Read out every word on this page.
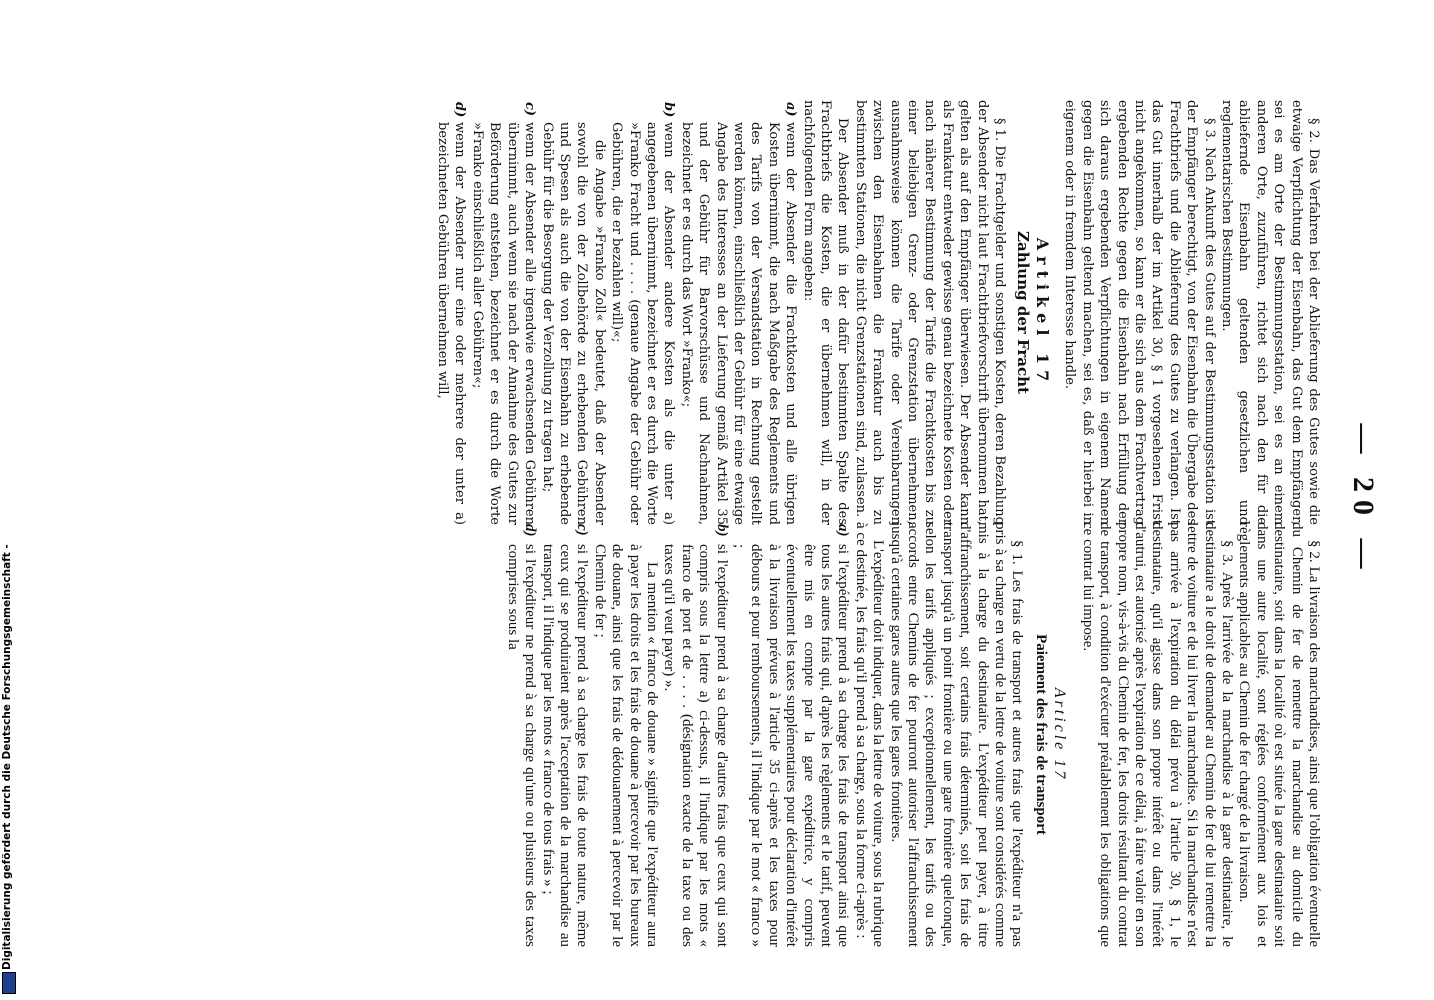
— 20 —

§ 2. Das Verfahren bei der Ablieferung des Gutes sowie die etwaige Verpflichtung der Eisenbahn, das Gut dem Empfänger, sei es am Orte der Bestimmungsstation, sei es an einem anderen Orte, zuzuführen, richtet sich nach den für die abliefernde Eisenbahn geltenden gesetzlichen und reglementarischen Bestimmungen.

§ 3. Nach Ankunft des Gutes auf der Bestimmungsstation ist der Empfänger berechtigt, von der Eisenbahn die Übergabe des Frachtbriefs und die Ablieferung des Gutes zu verlangen. Ist das Gut innerhalb der im Artikel 30, § 1 vorgesehenen Frist nicht angekommen, so kann er die sich aus dem Frachtvertrag ergebenden Rechte gegen die Eisenbahn nach Erfüllung der sich daraus ergebenden Verpflichtungen in eigenem Namen gegen die Eisenbahn geltend machen, sei es, daß er hierbei in eigenem oder in fremdem Interesse handle.

Artikel 17
Zahlung der Fracht

§ 1. Die Frachtgelder und sonstigen Kosten, deren Bezahlung der Absender nicht laut Frachtbriefvorschrift übernommen hat, gelten als auf den Empfänger überwiesen. Der Absender kann als Frankatur entweder gewisse genau bezeichnete Kosten oder nach näherer Bestimmung der Tarife die Frachtkosten bis zu einer beliebigen Grenz- oder Grenzstation übernehmen; ausnahmsweise können die Tarife oder Vereinbarungen zwischen den Eisenbahnen die Frankatur auch bis zu bestimmten Stationen, die nicht Grenzstationen sind, zulassen.

Der Absender muß in der dafür bestimmten Spalte des Frachtbriefs die Kosten, die er übernehmen will, in der nachfolgenden Form angeben:

a)wenn der Absender die Frachtkosten und alle übrigen Kosten übernimmt, die nach Maßgabe des Reglements und des Tarifs von der Versandstation in Rechnung gestellt werden können, einschließlich der Gebühr für eine etwaige Angabe des Interesses an der Lieferung gemäß Artikel 35 und der Gebühr für Barvorschüsse und Nachnahmen, bezeichnet er es durch das Wort »Franko«;

b)wenn der Absender andere Kosten als die unter a) angegebenen übernimmt, bezeichnet er es durch die Worte »Franko Fracht und . . . . (genaue Angabe der Gebühr oder Gebühren, die er bezahlen will)«;

die Angabe »Franko Zoll« bedeutet, daß der Absender sowohl die von der Zollbehörde zu erhebenden Gebühren und Spesen als auch die von der Eisenbahn zu erhebende Gebühr für die Besorgung der Verzollung zu tragen hat;

c)wenn der Absender alle irgendwie erwachsenden Gebühren übernimmt, auch wenn sie nach der Annahme des Gutes zur Beförderung entstehen, bezeichnet er es durch die Worte »Franko einschließlich aller Gebühren«;

d)wenn der Absender nur eine oder mehrere der unter a) bezeichneten Gebühren übernehmen will,

§ 2. La livraison des marchandises, ainsi que l'obligation éventuelle du Chemin de fer de remettre la marchandise au domicile du destinataire, soit dans la localité où est située la gare destinataire soit dans une autre localité, sont réglées conformément aux lois et règlements applicables au Chemin de fer chargé de la livraison.

§ 3. Après l'arrivée de la marchandise à la gare destinataire, le destinataire a le droit de demander au Chemin de fer de lui remettre la lettre de voiture et de lui livrer la marchandise. Si la marchandise n'est pas arrivée à l'expiration du délai prévu à l'article 30, § 1, le destinataire, qu'il agisse dans son propre intérêt ou dans l'intérêt d'autrui, est autorisé après l'expiration de ce délai, à faire valoir en son propre nom, vis-à-vis du Chemin de fer, les droits résultant du contrat de transport, à condition d'exécuter préalablement les obligations que ce contrat lui impose.

Article 17
Paiement des frais de transport

§ 1. Les frais de transport et autres frais que l'expéditeur n'a pas pris à sa charge en vertu de la lettre de voiture sont considérés comme mis à la charge du destinataire. L'expéditeur peut payer, à titre d'affranchissement, soit certains frais déterminés, soit les frais de transport jusqu'à un point frontière ou une gare frontière quelconque, selon les tarifs appliqués ; exceptionnellement, les tarifs ou des accords entre Chemins de fer pourront autoriser l'affranchissement jusqu'à certaines gares autres que les gares frontières.

L'expéditeur doit indiquer, dans la lettre de voiture, sous la rubrique à ce destinée, les frais qu'il prend à sa charge, sous la forme ci-après :

a)si l'expéditeur prend à sa charge les frais de transport ainsi que tous les autres frais qui, d'après les règlements et le tarif, peuvent être mis en compte par la gare expéditrice, y compris éventuellement les taxes supplémentaires pour déclaration d'intérêt à la livraison prévues à l'article 35 ci-après et les taxes pour débours et pour remboursements, il l'indique par le mot « franco » ;

b)si l'expéditeur prend à sa charge d'autres frais que ceux qui sont compris sous la lettre a) ci-dessus, il l'indique par les mots « franco de port et de . . . . (désignation exacte de la taxe ou des taxes qu'il veut payer) ».

La mention « franco de douane » signifie que l'expéditeur aura à payer les droits et les frais de douane à percevoir par les bureaux de douane, ainsi que les frais de dédouanement à percevoir par le Chemin de fer ;

c)si l'expéditeur prend à sa charge les frais de toute nature, même ceux qui se produiraient après l'acceptation de la marchandise au transport, il l'indique par les mots « franco de tous frais » ;

d)si l'expéditeur ne prend à sa charge qu'une ou plusieurs des taxes comprises sous la

Digitalisierung gefördert durch die Deutsche Forschungsgemeinschaft -
